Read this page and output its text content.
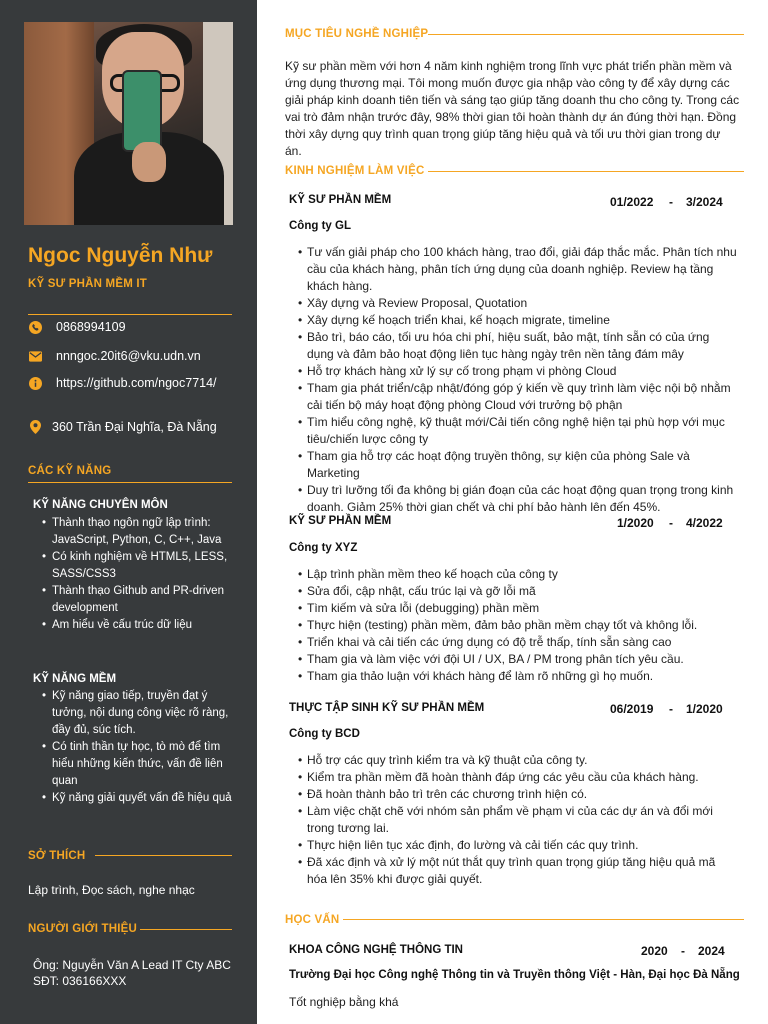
Ngoc Nguyễn Như
KỸ SƯ PHẦN MỀM IT
0868994109
nnngoc.20it6@vku.udn.vn
https://github.com/ngoc7714/
360 Trần Đại Nghĩa, Đà Nẵng
CÁC KỸ NĂNG
KỸ NĂNG CHUYÊN MÔN
• Thành thạo ngôn ngữ lập trình: JavaScript, Python, C, C++, Java
• Có kinh nghiệm về HTML5, LESS, SASS/CSS3
• Thành thạo Github and PR-driven development
• Am hiểu về cấu trúc dữ liệu
KỸ NĂNG MỀM
• Kỹ năng giao tiếp, truyền đạt ý tưởng, nội dung công việc rõ ràng, đầy đủ, súc tích.
• Có tinh thần tự học, tò mò để tìm hiểu những kiến thức, vấn đề liên quan
• Kỹ năng giải quyết vấn đề hiệu quả
SỞ THÍCH
Lập trình, Đọc sách, nghe nhạc
NGƯỜI GIỚI THIỆU
Ông: Nguyễn Văn A Lead IT Cty ABC
SĐT: 036166XXX
MỤC TIÊU NGHỀ NGHIỆP
Kỹ sư phần mềm với hơn 4 năm kinh nghiệm trong lĩnh vực phát triển phần mềm và ứng dụng thương mại. Tôi mong muốn được gia nhập vào công ty để xây dựng các giải pháp kinh doanh tiên tiến và sáng tạo giúp tăng doanh thu cho công ty. Trong các vai trò đảm nhận trước đây, 98% thời gian tôi hoàn thành dự án đúng thời hạn. Đồng thời xây dựng quy trình quan trọng giúp tăng hiệu quả và tối ưu thời gian trong dự án.
KINH NGHIỆM LÀM VIỆC
KỸ SƯ PHẦN MỀM	01/2022 - 3/2024
Công ty GL
• Tư vấn giải pháp cho 100 khách hàng, trao đổi, giải đáp thắc mắc. Phân tích nhu cầu của khách hàng, phân tích ứng dụng của doanh nghiệp. Review hạ tầng khách hàng.
• Xây dựng và Review Proposal, Quotation
• Xây dựng kế hoạch triển khai, kế hoạch migrate, timeline
• Bảo trì, báo cáo, tối ưu hóa chi phí, hiệu suất, bảo mật, tính sẵn có của ứng dụng và đảm bảo hoạt động liên tục hàng ngày trên nền tảng đám mây
• Hỗ trợ khách hàng xử lý sự cố trong phạm vi phòng Cloud
• Tham gia phát triển/cập nhật/đóng góp ý kiến về quy trình làm việc nội bộ nhằm cải tiến bộ máy hoạt động phòng Cloud với trưởng bộ phận
• Tìm hiểu công nghệ, kỹ thuật mới/Cải tiến công nghệ hiện tại phù hợp với mục tiêu/chiến lược công ty
• Tham gia hỗ trợ các hoạt động truyền thông, sự kiện của phòng Sale và Marketing
• Duy trì lưỡng tối đa không bị gián đoạn của các hoạt động quan trọng trong kinh doanh. Giảm 25% thời gian chết và chi phí bảo hành lên đến 45%.
KỸ SƯ PHẦN MỀM	1/2020 - 4/2022
Công ty XYZ
• Lập trình phần mềm theo kế hoạch của công ty
• Sửa đổi, cập nhật, cấu trúc lại và gỡ lỗi mã
• Tìm kiếm và sửa lỗi (debugging) phần mềm
• Thực hiện (testing) phần mềm, đảm bảo phần mềm chạy tốt và không lỗi.
• Triển khai và cải tiến các ứng dụng có độ trễ thấp, tính sẵn sàng cao
• Tham gia và làm việc với đội UI / UX, BA / PM trong phân tích yêu cầu.
• Tham gia thảo luận với khách hàng để làm rõ những gì họ muốn.
THỰC TẬP SINH KỸ SƯ PHẦN MỀM	06/2019 - 1/2020
Công ty BCD
• Hỗ trợ các quy trình kiểm tra và kỹ thuật của công ty.
• Kiểm tra phần mềm đã hoàn thành đáp ứng các yêu cầu của khách hàng.
• Đã hoàn thành bảo trì trên các chương trình hiện có.
• Làm việc chặt chẽ với nhóm sản phẩm về phạm vi của các dự án và đổi mới trong tương lai.
• Thực hiện liên tục xác định, đo lường và cải tiến các quy trình.
• Đã xác định và xử lý một nút thắt quy trình quan trọng giúp tăng hiệu quả mã hóa lên 35% khi được giải quyết.
HỌC VẤN
KHOA CÔNG NGHỆ THÔNG TIN	2020 - 2024
Trường Đại học Công nghệ Thông tin và Truyền thông Việt - Hàn, Đại học Đà Nẵng
Tốt nghiệp bằng khá
